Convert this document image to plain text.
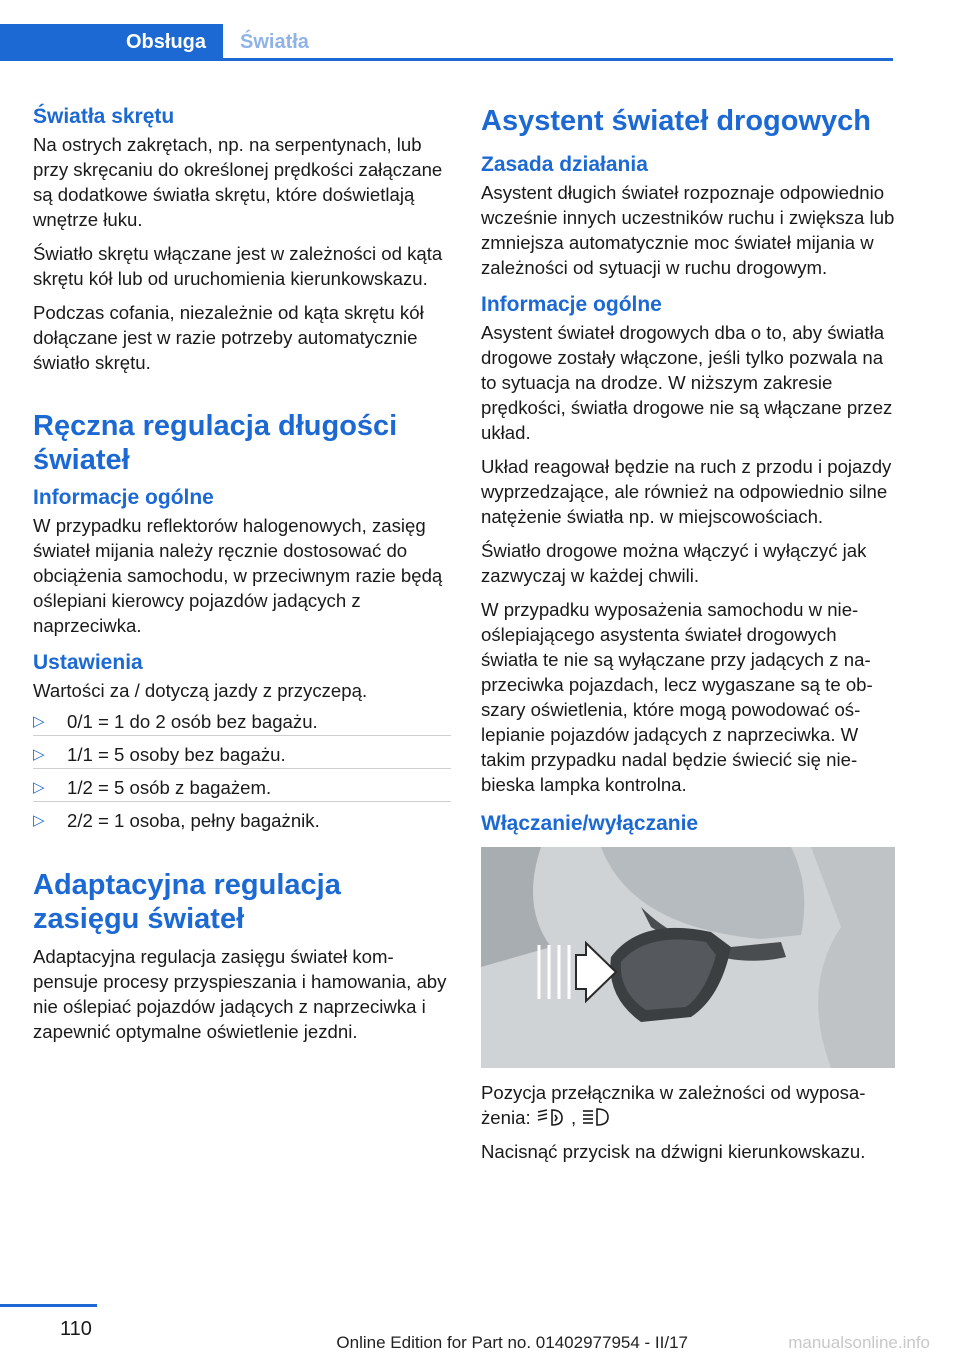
Obsługa	Światła
Światła skrętu

Na ostrych zakrętach, np. na serpentynach, lub przy skręcaniu do określonej prędkości załączane są dodatkowe światła skrętu, które doświetlają wnętrze łuku.

Światło skrętu włączane jest w zależności od kąta skrętu kół lub od uruchomienia kierunkowskazu.

Podczas cofania, niezależnie od kąta skrętu kół dołączane jest w razie potrzeby automatycznie światło skrętu.

Ręczna regulacja długości świateł
Informacje ogólne

W przypadku reflektorów halogenowych, zasięg świateł mijania należy ręcznie dostosować do obciążenia samochodu, w przeciwnym razie będą oślepiani kierowcy pojazdów jadących z naprzeciwka.

Ustawienia

Wartości za / dotyczą jazdy z przyczepą.

▷ 0/1 = 1 do 2 osób bez bagażu.
▷ 1/1 = 5 osoby bez bagażu.
▷ 1/2 = 5 osób z bagażem.
▷ 2/2 = 1 osoba, pełny bagażnik.
Adaptacyjna regulacja zasięgu świateł

Adaptacyjna regulacja zasięgu świateł kompensuje procesy przyspieszania i hamowania, aby nie oślepiać pojazdów jadących z naprzeciwka i zapewnić optymalne oświetlenie jezdni.

Asystent świateł drogowych
Zasada działania

Asystent długich świateł rozpoznaje odpowiednio wcześnie innych uczestników ruchu i zwiększa lub zmniejsza automatycznie moc świateł mijania w zależności od sytuacji w ruchu drogowym.

Informacje ogólne

Asystent świateł drogowych dba o to, aby światła drogowe zostały włączone, jeśli tylko pozwala na to sytuacja na drodze. W niższym zakresie prędkości, światła drogowe nie są włączane przez układ.

Układ reagował będzie na ruch z przodu i pojazdy wyprzedzające, ale również na odpowiednio silne natężenie światła np. w miejscowościach.

Światło drogowe można włączyć i wyłączyć jak zazwyczaj w każdej chwili.

W przypadku wyposażenia samochodu w nieoślepiającego asystenta świateł drogowych światła te nie są wyłączane przy jadących z naprzeciwka pojazdach, lecz wygaszane są te obszary oświetlenia, które mogą powodować oślepianie pojazdów jadących z naprzeciwka. W takim przypadku nadal będzie świecić się niebieska lampka kontrolna.

Włączanie/wyłączanie

Pozycja przełącznika w zależności od wyposażenia:  ,

Nacisnąć przycisk na dźwigni kierunkowskazu.

110
Online Edition for Part no. 01402977954 - II/17	manualsonline.info
